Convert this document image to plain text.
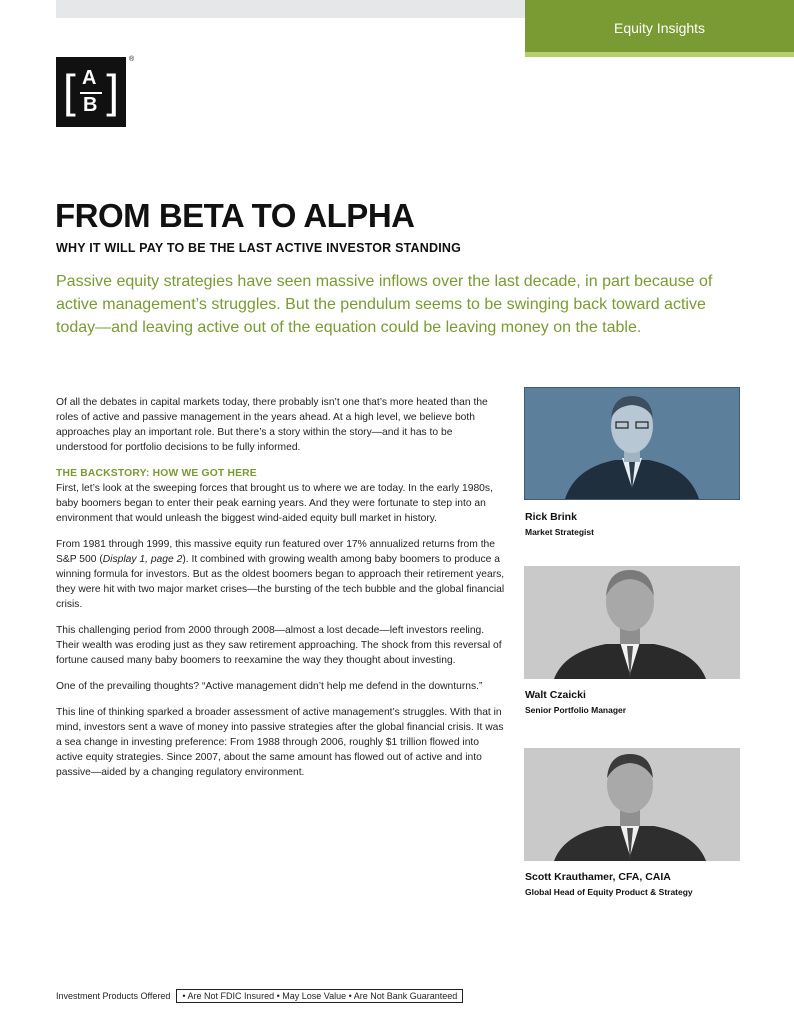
Equity Insights
[ A
B ]
®
FROM BETA TO ALPHA
WHY IT WILL PAY TO BE THE LAST ACTIVE INVESTOR STANDING

Passive equity strategies have seen massive inflows over the last decade, in part because of active management’s struggles. But the pendulum seems to be swinging back toward active today—and leaving active out of the equation could be leaving money on the table.

Of all the debates in capital markets today, there probably isn’t one that’s more heated than the roles of active and passive management in the years ahead. At a high level, we believe both approaches play an important role. But there’s a story within the story—and it has to be understood for portfolio decisions to be fully informed.

THE BACKSTORY: HOW WE GOT HERE

First, let’s look at the sweeping forces that brought us to where we are today. In the early 1980s, baby boomers began to enter their peak earning years. And they were fortunate to step into an environment that would unleash the biggest wind-aided equity bull market in history.

From 1981 through 1999, this massive equity run featured over 17% annualized returns from the S&P 500 (Display 1, page 2). It combined with growing wealth among baby boomers to produce a winning formula for investors. But as the oldest boomers began to approach their retirement years, they were hit with two major market crises—the bursting of the tech bubble and the global financial crisis.

This challenging period from 2000 through 2008—almost a lost decade—left investors reeling. Their wealth was eroding just as they saw retirement approaching. The shock from this reversal of fortune caused many baby boomers to reexamine the way they thought about investing.

One of the prevailing thoughts? “Active management didn’t help me defend in the downturns.”

This line of thinking sparked a broader assessment of active management’s struggles. With that in mind, investors sent a wave of money into passive strategies after the global financial crisis. It was a sea change in investing preference: From 1988 through 2006, roughly $1 trillion flowed into active equity strategies. Since 2007, about the same amount has flowed out of active and into passive—aided by a changing regulatory environment.

Rick Brink
Market Strategist
Walt Czaicki
Senior Portfolio Manager
Scott Krauthamer, CFA, CAIA
Global Head of Equity Product & Strategy
Investment Products Offered	• Are Not FDIC Insured • May Lose Value • Are Not Bank Guaranteed
